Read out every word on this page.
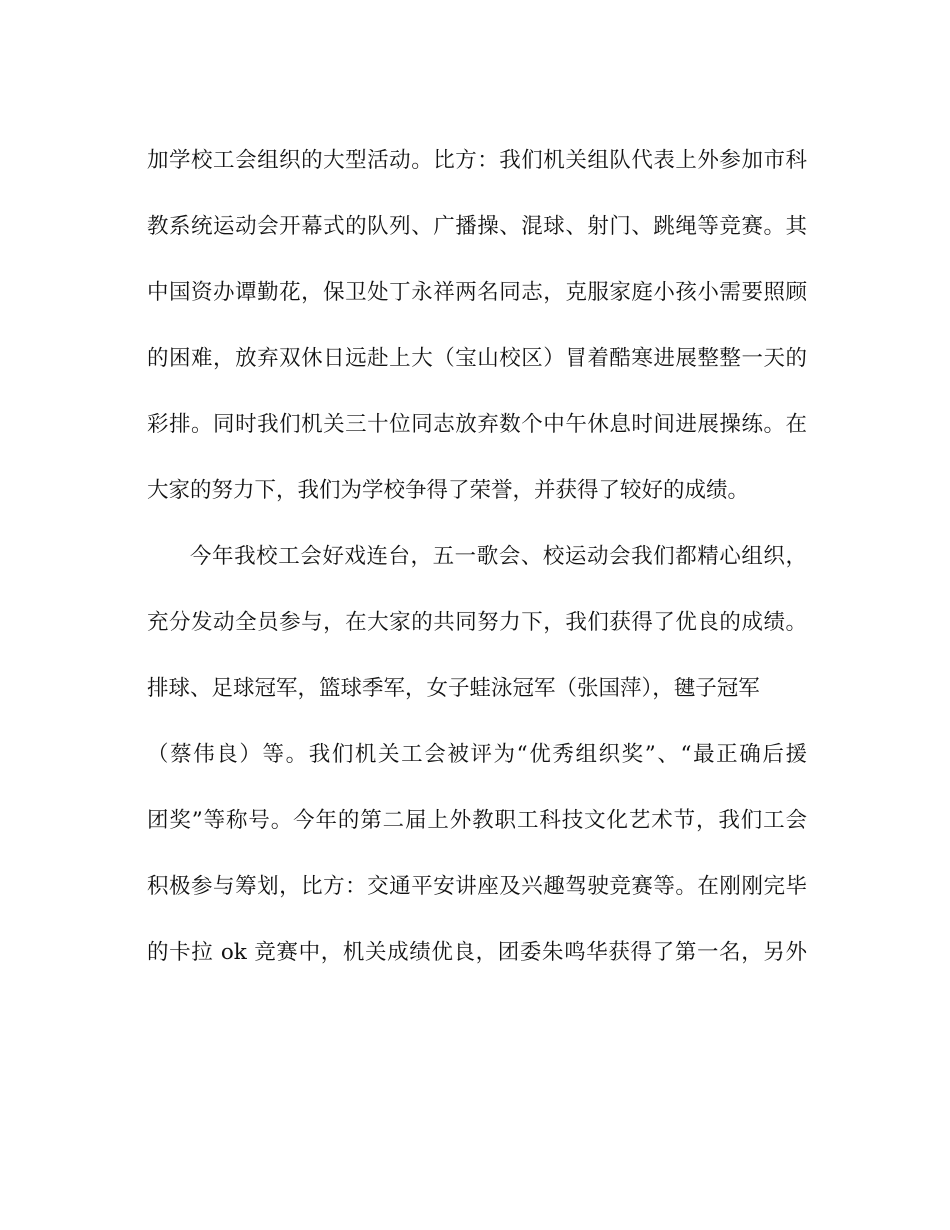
加学校工会组织的大型活动。比方：我们机关组队代表上外参加市科
教系统运动会开幕式的队列、广播操、混球、射门、跳绳等竞赛。其
中国资办谭勤花，保卫处丁永祥两名同志，克服家庭小孩小需要照顾
的困难，放弃双休日远赴上大（宝山校区）冒着酷寒进展整整一天的
彩排。同时我们机关三十位同志放弃数个中午休息时间进展操练。在
大家的努力下，我们为学校争得了荣誉，并获得了较好的成绩。
今年我校工会好戏连台，五一歌会、校运动会我们都精心组织，
充分发动全员参与，在大家的共同努力下，我们获得了优良的成绩。
排球、足球冠军，篮球季军，女子蛙泳冠军（张国萍），毽子冠军
（蔡伟良）等。我们机关工会被评为“优秀组织奖”、“最正确后援
团奖”等称号。今年的第二届上外教职工科技文化艺术节，我们工会
积极参与筹划，比方：交通平安讲座及兴趣驾驶竞赛等。在刚刚完毕
的卡拉 ok 竞赛中，机关成绩优良，团委朱鸣华获得了第一名，另外
